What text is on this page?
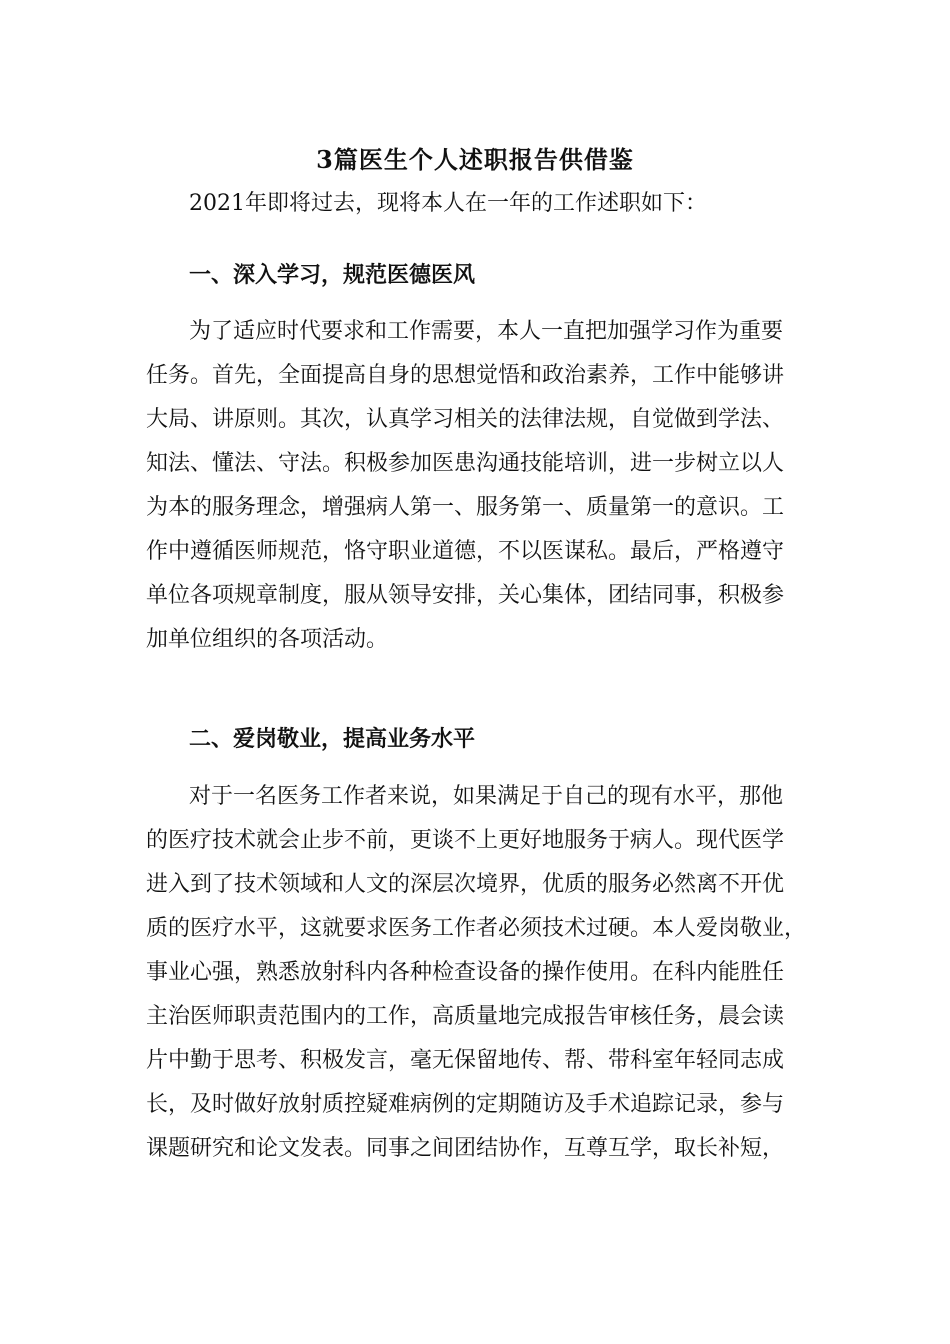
3篇医生个人述职报告供借鉴
2021年即将过去，现将本人在一年的工作述职如下：
一、深入学习，规范医德医风
为了适应时代要求和工作需要，本人一直把加强学习作为重要
任务。首先，全面提高自身的思想觉悟和政治素养，工作中能够讲
大局、讲原则。其次，认真学习相关的法律法规，自觉做到学法、
知法、懂法、守法。积极参加医患沟通技能培训，进一步树立以人
为本的服务理念，增强病人第一、服务第一、质量第一的意识。工
作中遵循医师规范，恪守职业道德，不以医谋私。最后，严格遵守
单位各项规章制度，服从领导安排，关心集体，团结同事，积极参
加单位组织的各项活动。
二、爱岗敬业，提高业务水平
对于一名医务工作者来说，如果满足于自己的现有水平，那他
的医疗技术就会止步不前，更谈不上更好地服务于病人。现代医学
进入到了技术领域和人文的深层次境界，优质的服务必然离不开优
质的医疗水平，这就要求医务工作者必须技术过硬。本人爱岗敬业，
事业心强，熟悉放射科内各种检查设备的操作使用。在科内能胜任
主治医师职责范围内的工作，高质量地完成报告审核任务，晨会读
片中勤于思考、积极发言，毫无保留地传、帮、带科室年轻同志成
长，及时做好放射质控疑难病例的定期随访及手术追踪记录，参与
课题研究和论文发表。同事之间团结协作，互尊互学，取长补短，
